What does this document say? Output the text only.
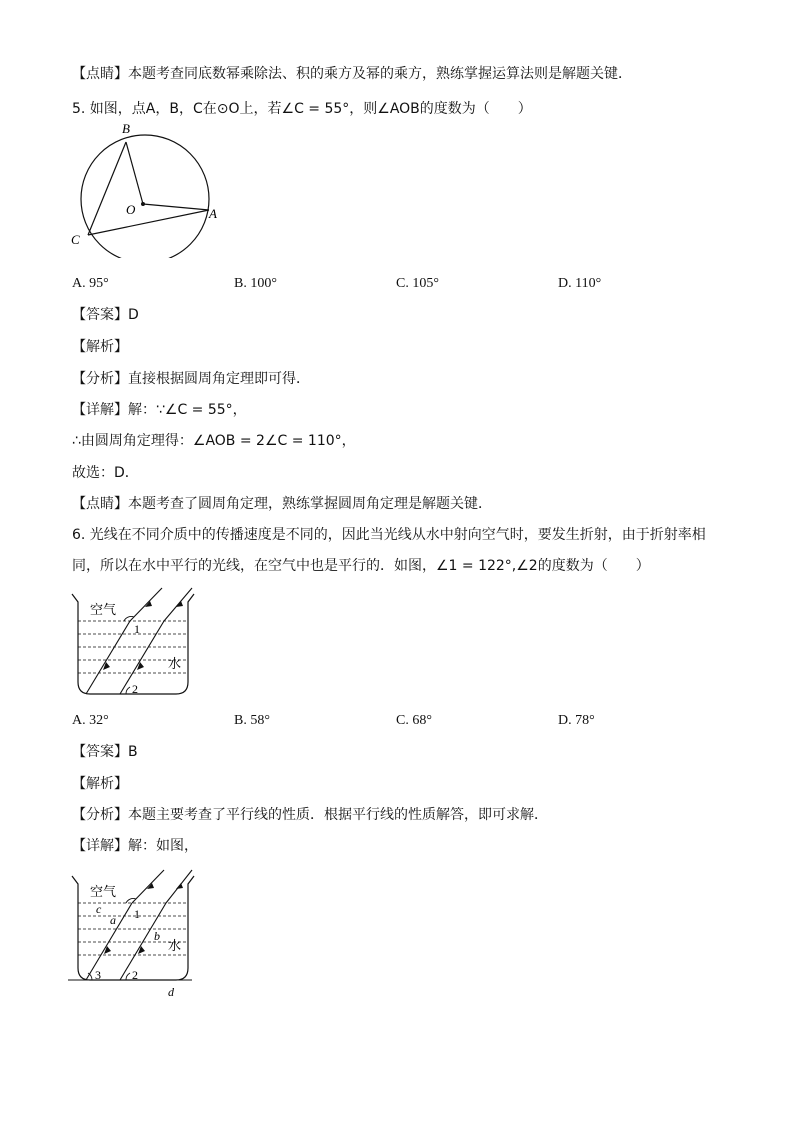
【点睛】本题考查同底数幂乘除法、积的乘方及幂的乘方，熟练掌握运算法则是解题关键．
5. 如图，点A，B，C在⊙O上，若∠C = 55°，则∠AOB的度数为（　　）
B
O	A
C
A. 95°	B. 100°	C. 105°	D. 110°
【答案】D
【解析】
【分析】直接根据圆周角定理即可得．
【详解】解：∵∠C = 55°，
∴由圆周角定理得：∠AOB = 2∠C = 110°，
故选：D．
【点睛】本题考查了圆周角定理，熟练掌握圆周角定理是解题关键．
6. 光线在不同介质中的传播速度是不同的，因此当光线从水中射向空气时，要发生折射，由于折射率相
同，所以在水中平行的光线，在空气中也是平行的．如图，∠1 = 122°,∠2的度数为（　　）
空气
水
1
2
A. 32°	B. 58°	C. 68°	D. 78°
【答案】B
【解析】
【分析】本题主要考查了平行线的性质．根据平行线的性质解答，即可求解．
【详解】解：如图，
空气
水
c
a 1
b
3	2
d
